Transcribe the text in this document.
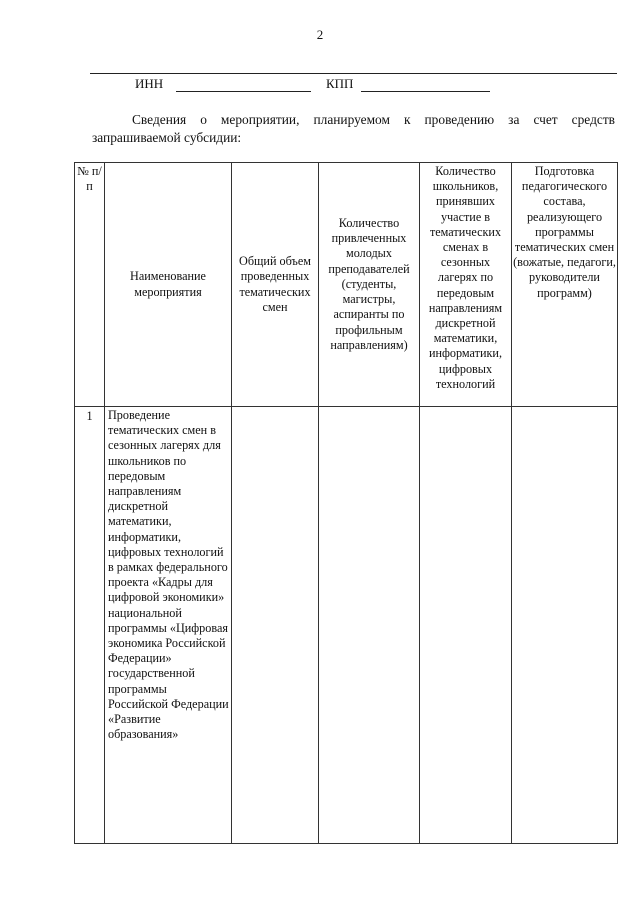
2
ИНН	КПП
Сведения о мероприятии, планируемом к проведению за счет средств запрашиваемой субсидии:
№ п/п	Наименование мероприятия	Общий объем проведенных тематических смен	Количество привлеченных молодых преподавателей (студенты, магистры, аспиранты по профильным направлениям)	Количество школьников, принявших участие в тематических сменах в сезонных лагерях по передовым направлениям дискретной математики, информатики, цифровых технологий	Подготовка педагогического состава, реализующего программы тематических смен (вожатые, педагоги, руководители программ)
1	Проведение тематических смен в сезонных лагерях для школьников по передовым направлениям дискретной математики, информатики, цифровых технологий в рамках федерального проекта «Кадры для цифровой экономики» национальной программы «Цифровая экономика Российской Федерации» государственной программы Российской Федерации «Развитие образования»				
